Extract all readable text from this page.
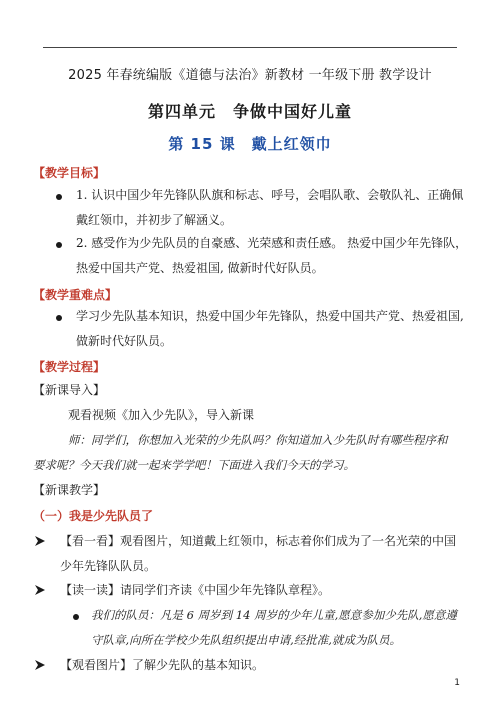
2025 年春统编版《道德与法治》新教材 一年级下册 教学设计
第四单元　争做中国好儿童
第 15 课　戴上红领巾
【教学目标】
1. 认识中国少年先锋队队旗和标志、呼号，会唱队歌、会敬队礼、正确佩
戴红领巾，并初步了解涵义。
2. 感受作为少先队员的自豪感、光荣感和责任感。 热爱中国少年先锋队，
热爱中国共产党、热爱祖国, 做新时代好队员。
【教学重难点】
学习少先队基本知识，热爱中国少年先锋队，热爱中国共产党、热爱祖国,
做新时代好队员。
【教学过程】
【新课导入】
观看视频《加入少先队》，导入新课
师：同学们，你想加入光荣的少先队吗？你知道加入少先队时有哪些程序和
要求呢？今天我们就一起来学学吧！下面进入我们今天的学习。
【新课教学】
（一）我是少先队员了
【看一看】观看图片，知道戴上红领巾，标志着你们成为了一名光荣的中国
少年先锋队队员。
【读一读】请同学们齐读《中国少年先锋队章程》。
我们的队员：凡是 6 周岁到 14 周岁的少年儿童,愿意参加少先队,愿意遵
守队章,向所在学校少先队组织提出申请,经批准,就成为队员。
【观看图片】了解少先队的基本知识。
1
